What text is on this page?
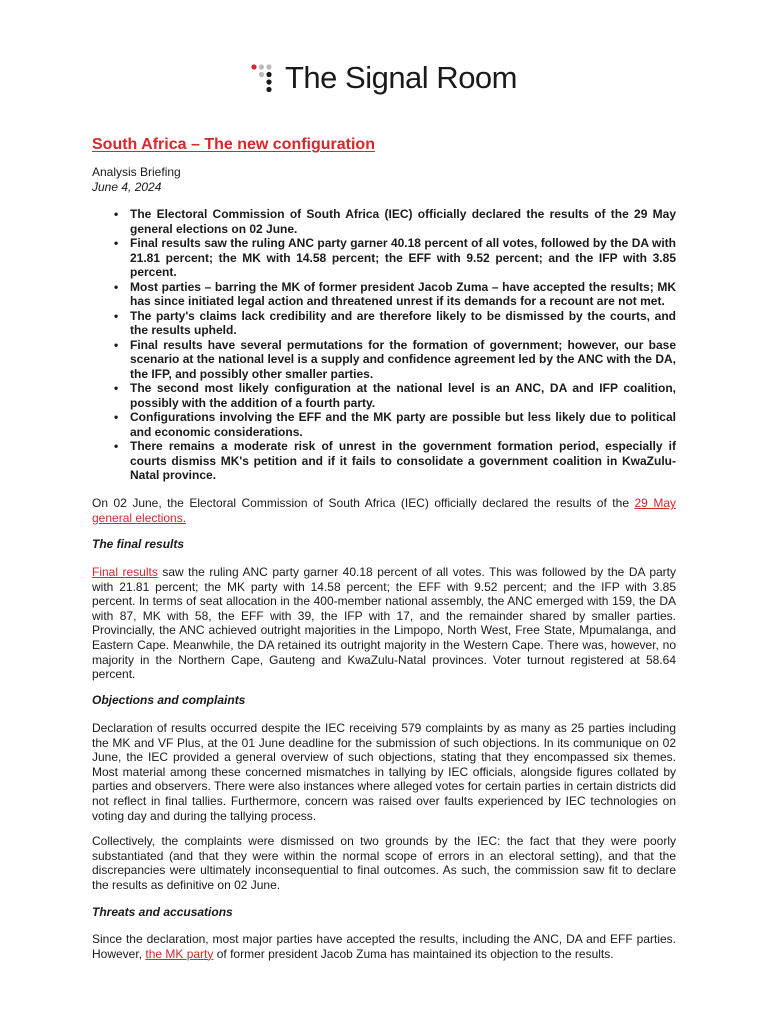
The Signal Room
South Africa – The new configuration
Analysis Briefing
June 4, 2024
• The Electoral Commission of South Africa (IEC) officially declared the results of the 29 May general elections on 02 June.
• Final results saw the ruling ANC party garner 40.18 percent of all votes, followed by the DA with 21.81 percent; the MK with 14.58 percent; the EFF with 9.52 percent; and the IFP with 3.85 percent.
• Most parties – barring the MK of former president Jacob Zuma – have accepted the results; MK has since initiated legal action and threatened unrest if its demands for a recount are not met.
• The party's claims lack credibility and are therefore likely to be dismissed by the courts, and the results upheld.
• Final results have several permutations for the formation of government; however, our base scenario at the national level is a supply and confidence agreement led by the ANC with the DA, the IFP, and possibly other smaller parties.
• The second most likely configuration at the national level is an ANC, DA and IFP coalition, possibly with the addition of a fourth party.
• Configurations involving the EFF and the MK party are possible but less likely due to political and economic considerations.
• There remains a moderate risk of unrest in the government formation period, especially if courts dismiss MK's petition and if it fails to consolidate a government coalition in KwaZulu-Natal province.

On 02 June, the Electoral Commission of South Africa (IEC) officially declared the results of the 29 May general elections.

The final results

Final results saw the ruling ANC party garner 40.18 percent of all votes. This was followed by the DA party with 21.81 percent; the MK party with 14.58 percent; the EFF with 9.52 percent; and the IFP with 3.85 percent. In terms of seat allocation in the 400-member national assembly, the ANC emerged with 159, the DA with 87, MK with 58, the EFF with 39, the IFP with 17, and the remainder shared by smaller parties. Provincially, the ANC achieved outright majorities in the Limpopo, North West, Free State, Mpumalanga, and Eastern Cape. Meanwhile, the DA retained its outright majority in the Western Cape. There was, however, no majority in the Northern Cape, Gauteng and KwaZulu-Natal provinces. Voter turnout registered at 58.64 percent.

Objections and complaints

Declaration of results occurred despite the IEC receiving 579 complaints by as many as 25 parties including the MK and VF Plus, at the 01 June deadline for the submission of such objections. In its communique on 02 June, the IEC provided a general overview of such objections, stating that they encompassed six themes. Most material among these concerned mismatches in tallying by IEC officials, alongside figures collated by parties and observers. There were also instances where alleged votes for certain parties in certain districts did not reflect in final tallies. Furthermore, concern was raised over faults experienced by IEC technologies on voting day and during the tallying process.

Collectively, the complaints were dismissed on two grounds by the IEC: the fact that they were poorly substantiated (and that they were within the normal scope of errors in an electoral setting), and that the discrepancies were ultimately inconsequential to final outcomes. As such, the commission saw fit to declare the results as definitive on 02 June.

Threats and accusations

Since the declaration, most major parties have accepted the results, including the ANC, DA and EFF parties. However, the MK party of former president Jacob Zuma has maintained its objection to the results.
